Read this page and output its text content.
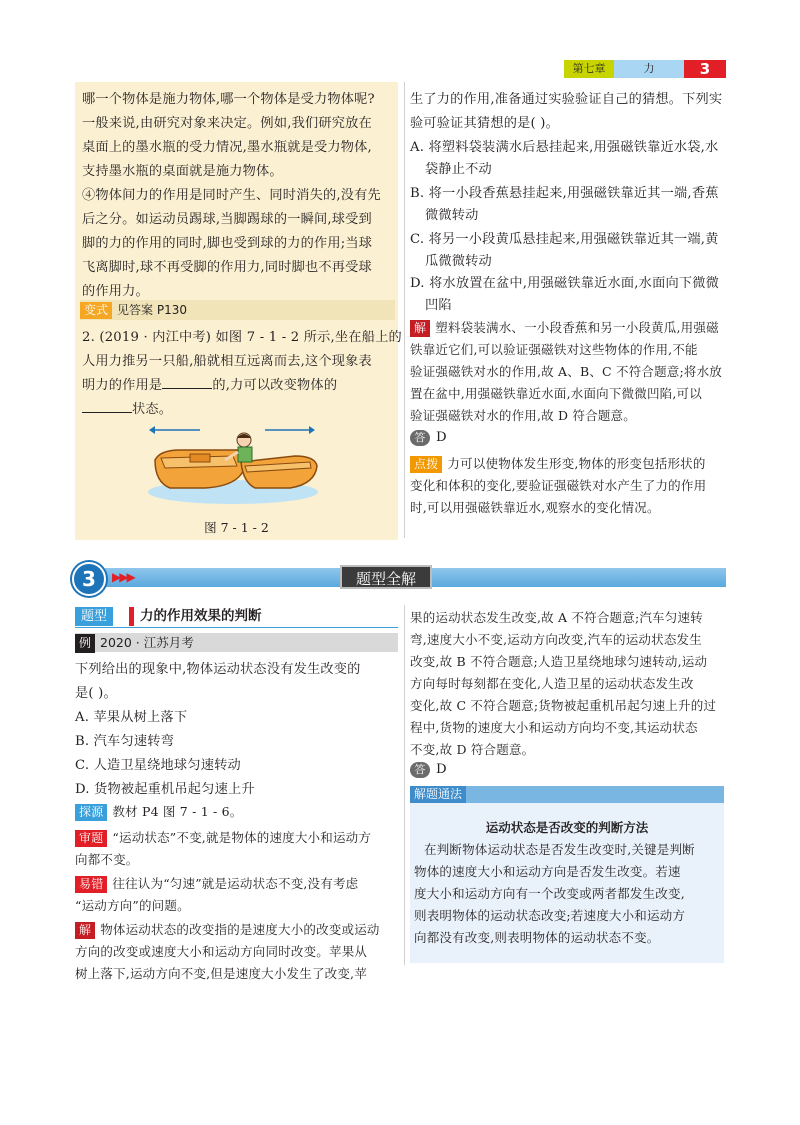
第七章	力	3
哪一个物体是施力物体,哪一个物体是受力物体呢?
一般来说,由研究对象来决定。例如,我们研究放在
桌面上的墨水瓶的受力情况,墨水瓶就是受力物体,
支持墨水瓶的桌面就是施力物体。
④物体间力的作用是同时产生、同时消失的,没有先
后之分。如运动员踢球,当脚踢球的一瞬间,球受到
脚的力的作用的同时,脚也受到球的力的作用;当球
飞离脚时,球不再受脚的作用力,同时脚也不再受球
的作用力。
变式 见答案 P130
2. (2019 · 内江中考) 如图 7 - 1 - 2 所示,坐在船上的
人用力推另一只船,船就相互远离而去,这个现象表
明力的作用是	的,力可以改变物体的
状态。
图 7 - 1 - 2
生了力的作用,准备通过实验验证自己的猜想。下列实
验可验证其猜想的是( )。
A. 将塑料袋装满水后悬挂起来,用强磁铁靠近水袋,水
袋静止不动
B. 将一小段香蕉悬挂起来,用强磁铁靠近其一端,香蕉
微微转动
C. 将另一小段黄瓜悬挂起来,用强磁铁靠近其一端,黄
瓜微微转动
D. 将水放置在盆中,用强磁铁靠近水面,水面向下微微
凹陷
解 塑料袋装满水、一小段香蕉和另一小段黄瓜,用强磁
铁靠近它们,可以验证强磁铁对这些物体的作用,不能
验证强磁铁对水的作用,故 A、B、C 不符合题意;将水放
置在盆中,用强磁铁靠近水面,水面向下微微凹陷,可以
验证强磁铁对水的作用,故 D 符合题意。
答 D
点拨 力可以使物体发生形变,物体的形变包括形状的
变化和体积的变化,要验证强磁铁对水产生了力的作用
时,可以用强磁铁靠近水,观察水的变化情况。
3	▶▶▶	题型全解
题型	力的作用效果的判断
例 2020 · 江苏月考
下列给出的现象中,物体运动状态没有发生改变的
是( )。
A. 苹果从树上落下
B. 汽车匀速转弯
C. 人造卫星绕地球匀速转动
D. 货物被起重机吊起匀速上升
探源 教材 P4 图 7 - 1 - 6。
审题 “运动状态”不变,就是物体的速度大小和运动方
向都不变。
易错 往往认为“匀速”就是运动状态不变,没有考虑
“运动方向”的问题。
解 物体运动状态的改变指的是速度大小的改变或运动
方向的改变或速度大小和运动方向同时改变。苹果从
树上落下,运动方向不变,但是速度大小发生了改变,苹
果的运动状态发生改变,故 A 不符合题意;汽车匀速转
弯,速度大小不变,运动方向改变,汽车的运动状态发生
改变,故 B 不符合题意;人造卫星绕地球匀速转动,运动
方向每时每刻都在变化,人造卫星的运动状态发生改
变化,故 C 不符合题意;货物被起重机吊起匀速上升的过
程中,货物的速度大小和运动方向均不变,其运动状态
不变,故 D 符合题意。
答 D
解题通法
运动状态是否改变的判断方法
在判断物体运动状态是否发生改变时,关键是判断
物体的速度大小和运动方向是否发生改变。若速
度大小和运动方向有一个改变或两者都发生改变,
则表明物体的运动状态改变;若速度大小和运动方
向都没有改变,则表明物体的运动状态不变。
